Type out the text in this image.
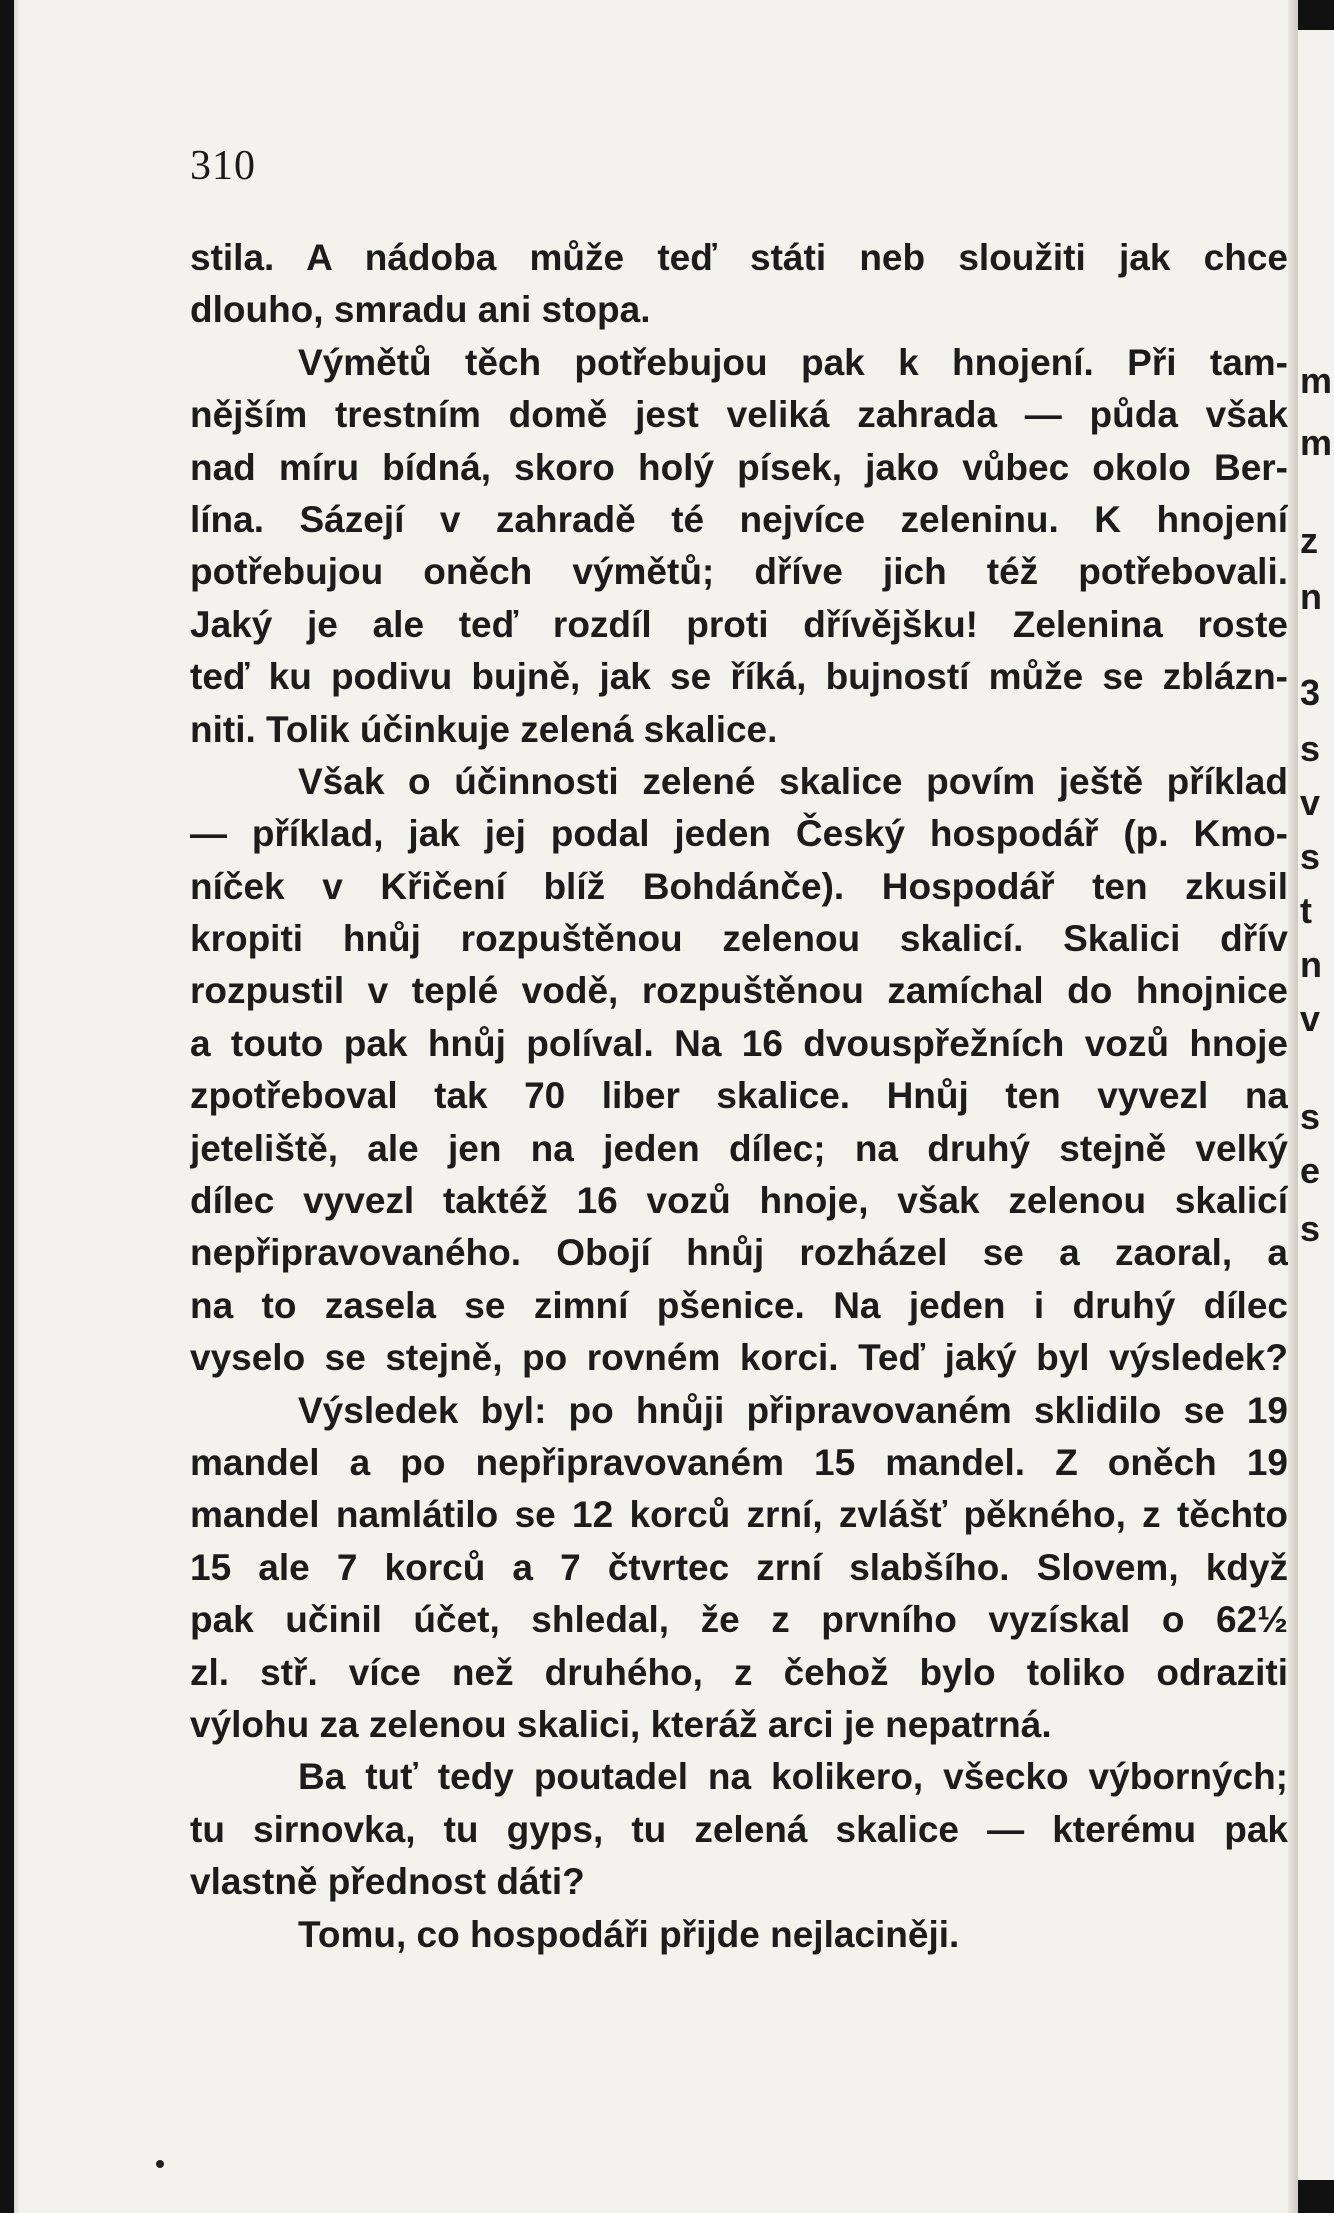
310
stila. A nádoba může teď státi neb sloužiti jak chce
dlouho, smradu ani stopa.
Výmětů těch potřebujou pak k hnojení. Při tam-
nějším trestním domě jest veliká zahrada — půda však
nad míru bídná, skoro holý písek, jako vůbec okolo Ber-
lína. Sázejí v zahradě té nejvíce zeleninu. K hnojení
potřebujou oněch výmětů; dříve jich též potřebovali.
Jaký je ale teď rozdíl proti dřívějšku! Zelenina roste
teď ku podivu bujně, jak se říká, bujností může se zblázn-
niti. Tolik účinkuje zelená skalice.
Však o účinnosti zelené skalice povím ještě příklad
— příklad, jak jej podal jeden Český hospodář (p. Kmo-
níček v Křičení blíž Bohdánče). Hospodář ten zkusil
kropiti hnůj rozpuštěnou zelenou skalicí. Skalici dřív
rozpustil v teplé vodě, rozpuštěnou zamíchal do hnojnice
a touto pak hnůj políval. Na 16 dvouspřežních vozů hnoje
zpotřeboval tak 70 liber skalice. Hnůj ten vyvezl na
jeteliště, ale jen na jeden dílec; na druhý stejně velký
dílec vyvezl taktéž 16 vozů hnoje, však zelenou skalicí
nepřipravovaného. Obojí hnůj rozházel se a zaoral, a
na to zasela se zimní pšenice. Na jeden i druhý dílec
vyselo se stejně, po rovném korci. Teď jaký byl výsledek?
Výsledek byl: po hnůji připravovaném sklidilo se 19
mandel a po nepřipravovaném 15 mandel. Z oněch 19
mandel namlátilo se 12 korců zrní, zvlášť pěkného, z těchto
15 ale 7 korců a 7 čtvrtec zrní slabšího. Slovem, když
pak učinil účet, shledal, že z prvního vyzískal o 62½
zl. stř. více než druhého, z čehož bylo toliko odraziti
výlohu za zelenou skalici, kteráž arci je nepatrná.
Ba tuť tedy poutadel na kolikero, všecko výborných;
tu sirnovka, tu gyps, tu zelená skalice — kterému pak
vlastně přednost dáti?
Tomu, co hospodáři přijde nejlaciněji.
m
m
z
n
3
s
v
s
t
n
v
s
e
s
